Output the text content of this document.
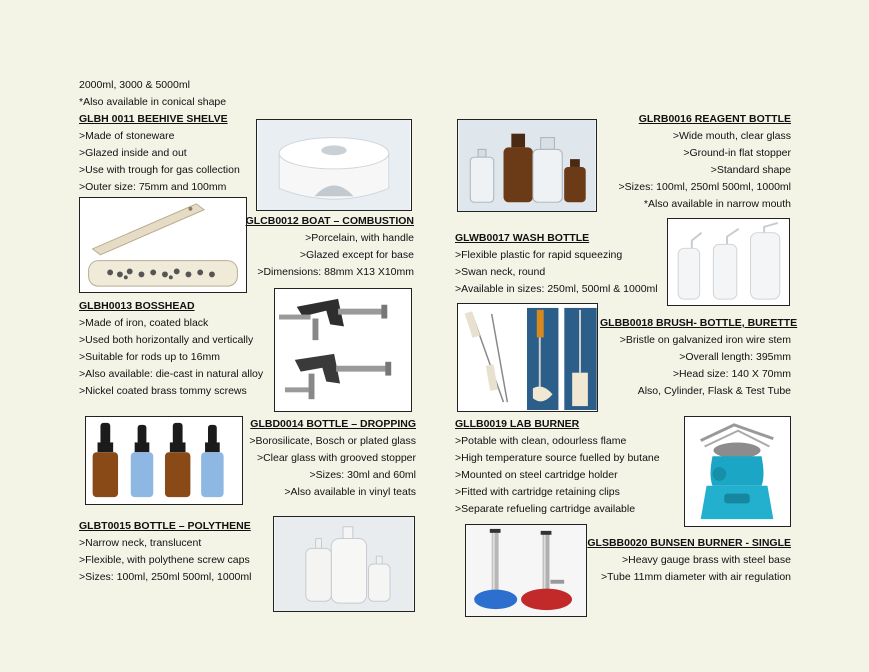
2000ml, 3000 & 5000ml
*Also available in conical shape
GLBH 0011 BEEHIVE SHELVE
>Made of stoneware
>Glazed inside and out
>Use with trough for gas collection
>Outer size: 75mm and 100mm
GLCB0012 BOAT – COMBUSTION
>Porcelain, with handle
>Glazed except for base
>Dimensions: 88mm X13 X10mm
GLBH0013 BOSSHEAD
>Made of iron, coated black
>Used both horizontally and vertically
>Suitable for rods up to 16mm
>Also available: die-cast in natural alloy
>Nickel coated brass tommy screws
GLBD0014 BOTTLE – DROPPING
>Borosilicate, Bosch or plated glass
>Clear glass with grooved stopper
>Sizes: 30ml and 60ml
>Also available in vinyl teats
GLBT0015 BOTTLE – POLYTHENE
>Narrow neck, translucent
>Flexible, with polythene screw caps
>Sizes: 100ml, 250ml 500ml, 1000ml
GLRB0016 REAGENT BOTTLE
>Wide mouth, clear glass
>Ground-in flat stopper
>Standard shape
>Sizes: 100ml, 250ml 500ml, 1000ml
*Also available in narrow mouth
GLWB0017 WASH BOTTLE
>Flexible plastic for rapid squeezing
>Swan neck, round
>Available in sizes: 250ml, 500ml & 1000ml
GLBB0018 BRUSH- BOTTLE, BURETTE
>Bristle on galvanized iron wire stem
>Overall length: 395mm
>Head size: 140 X 70mm
Also, Cylinder, Flask & Test Tube
GLLB0019 LAB BURNER
>Potable with clean, odourless flame
>High temperature source fuelled by butane
>Mounted on steel cartridge holder
>Fitted with cartridge retaining clips
>Separate refueling cartridge available
GLSBB0020 BUNSEN BURNER - SINGLE
>Heavy gauge brass with steel base
>Tube 11mm diameter with air regulation
